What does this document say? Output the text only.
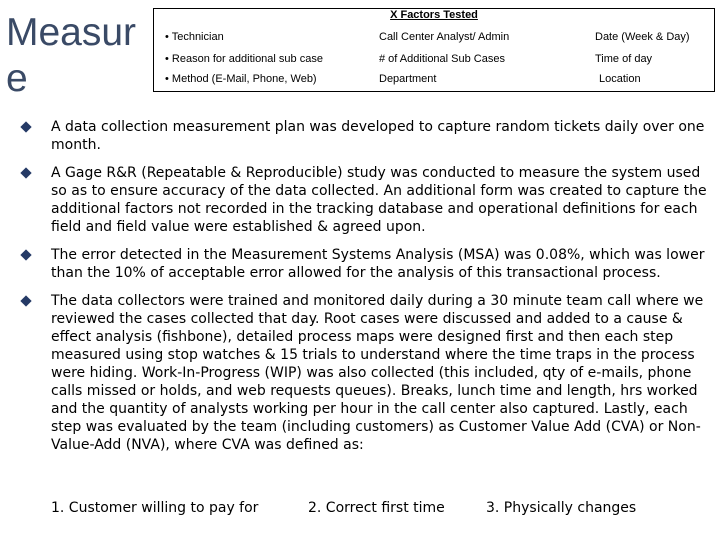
Measure
X Factors Tested
• Technician
• Reason for additional sub case
• Method (E-Mail, Phone, Web)
Call Center Analyst/ Admin
# of Additional Sub Cases
Department
Date (Week & Day)
Time of day
Location
A data collection measurement plan was developed to capture random tickets daily over one month.
A Gage R&R (Repeatable & Reproducible) study was conducted to measure the system used so as to ensure accuracy of the data collected. An additional form was created to capture the additional factors not recorded in the tracking database and operational definitions for each field and field value were established & agreed upon.
The error detected in the Measurement Systems Analysis (MSA) was 0.08%, which was lower than the 10% of acceptable error allowed for the analysis of this transactional process.
The data collectors were trained and monitored daily during a 30 minute team call where we reviewed the cases collected that day. Root cases were discussed and added to a cause & effect analysis (fishbone), detailed process maps were designed first and then each step measured using stop watches & 15 trials to understand where the time traps in the process were hiding. Work-In-Progress (WIP) was also collected (this included, qty of e-mails, phone calls missed or holds, and web requests queues). Breaks, lunch time and length, hrs worked and the quantity of analysts working per hour in the call center also captured. Lastly, each step was evaluated by the team (including customers) as Customer Value Add (CVA) or Non-Value-Add (NVA), where CVA was defined as:
1. Customer willing to pay for	2. Correct first time	3. Physically changes
